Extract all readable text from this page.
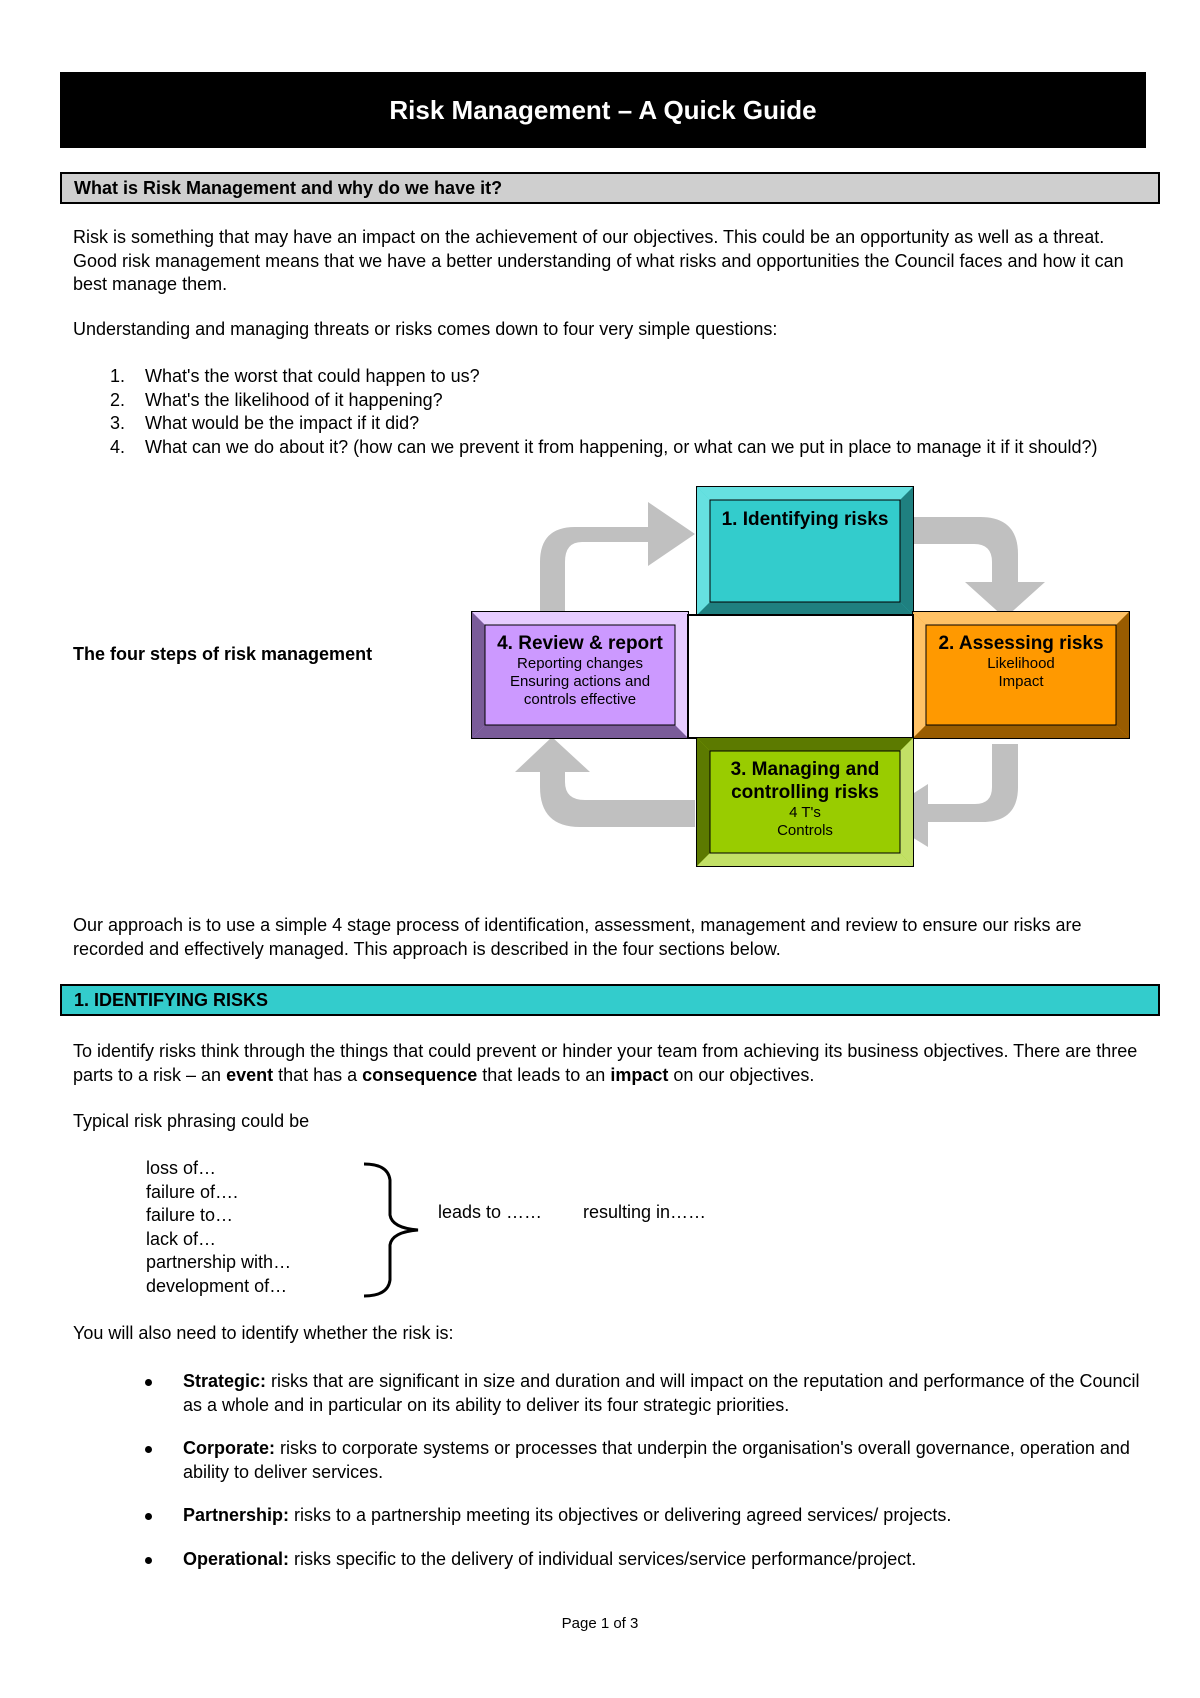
Risk Management – A Quick Guide
What is Risk Management and why do we have it?
Risk is something that may have an impact on the achievement of our objectives. This could be an opportunity as well as a threat. Good risk management means that we have a better understanding of what risks and opportunities the Council faces and how it can best manage them.
Understanding and managing threats or risks comes down to four very simple questions:
1. What's the worst that could happen to us?
2. What's the likelihood of it happening?
3. What would be the impact if it did?
4. What can we do about it? (how can we prevent it from happening, or what can we put in place to manage it if it should?)
The four steps of risk management
1. Identifying risks
2. Assessing risks
Likelihood
Impact
4. Review & report
Reporting changes
Ensuring actions and controls effective
3. Managing and controlling risks
4 T's
Controls
Our approach is to use a simple 4 stage process of identification, assessment, management and review to ensure our risks are recorded and effectively managed. This approach is described in the four sections below.
1. IDENTIFYING RISKS
To identify risks think through the things that could prevent or hinder your team from achieving its business objectives. There are three parts to a risk – an event that has a consequence that leads to an impact on our objectives.
Typical risk phrasing could be
loss of…
failure of….
failure to…
lack of…
partnership with…
development of…
leads to …… resulting in……
You will also need to identify whether the risk is:
Strategic: risks that are significant in size and duration and will impact on the reputation and performance of the Council as a whole and in particular on its ability to deliver its four strategic priorities.
Corporate: risks to corporate systems or processes that underpin the organisation's overall governance, operation and ability to deliver services.
Partnership: risks to a partnership meeting its objectives or delivering agreed services/ projects.
Operational: risks specific to the delivery of individual services/service performance/project.
Page 1 of 3
